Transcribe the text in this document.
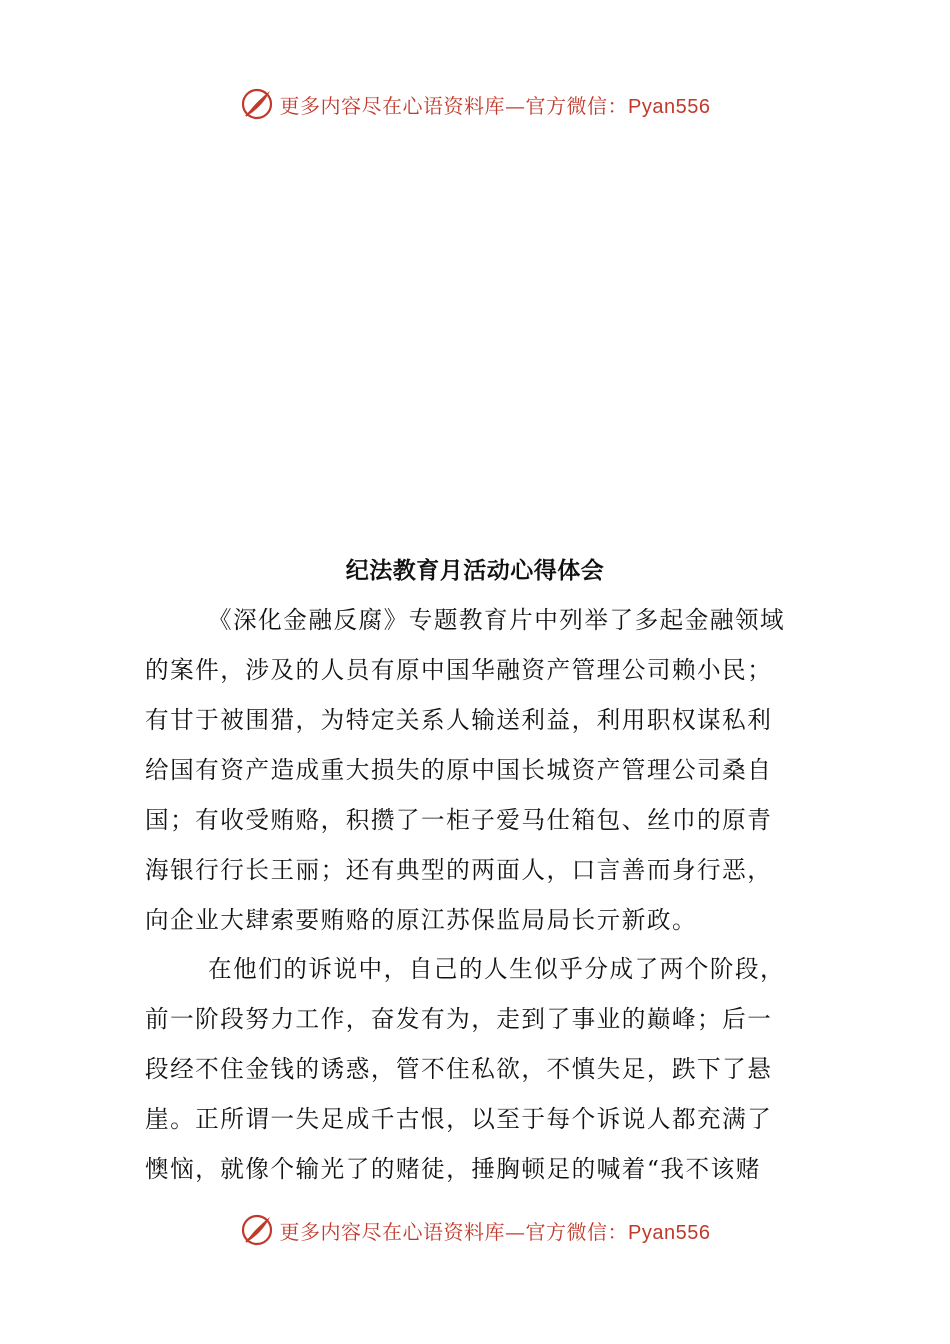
更多内容尽在心语资料库—官方微信：Pyan556
纪法教育月活动心得体会
《深化金融反腐》专题教育片中列举了多起金融领域
的案件，涉及的人员有原中国华融资产管理公司赖小民；
有甘于被围猎，为特定关系人输送利益，利用职权谋私利
给国有资产造成重大损失的原中国长城资产管理公司桑自
国；有收受贿赂，积攒了一柜子爱马仕箱包、丝巾的原青
海银行行长王丽；还有典型的两面人，口言善而身行恶，
向企业大肆索要贿赂的原江苏保监局局长亓新政。
在他们的诉说中，自己的人生似乎分成了两个阶段，
前一阶段努力工作，奋发有为，走到了事业的巅峰；后一
段经不住金钱的诱惑，管不住私欲，不慎失足，跌下了悬
崖。正所谓一失足成千古恨，以至于每个诉说人都充满了
懊恼，就像个输光了的赌徒，捶胸顿足的喊着“我不该赌
更多内容尽在心语资料库—官方微信：Pyan556
